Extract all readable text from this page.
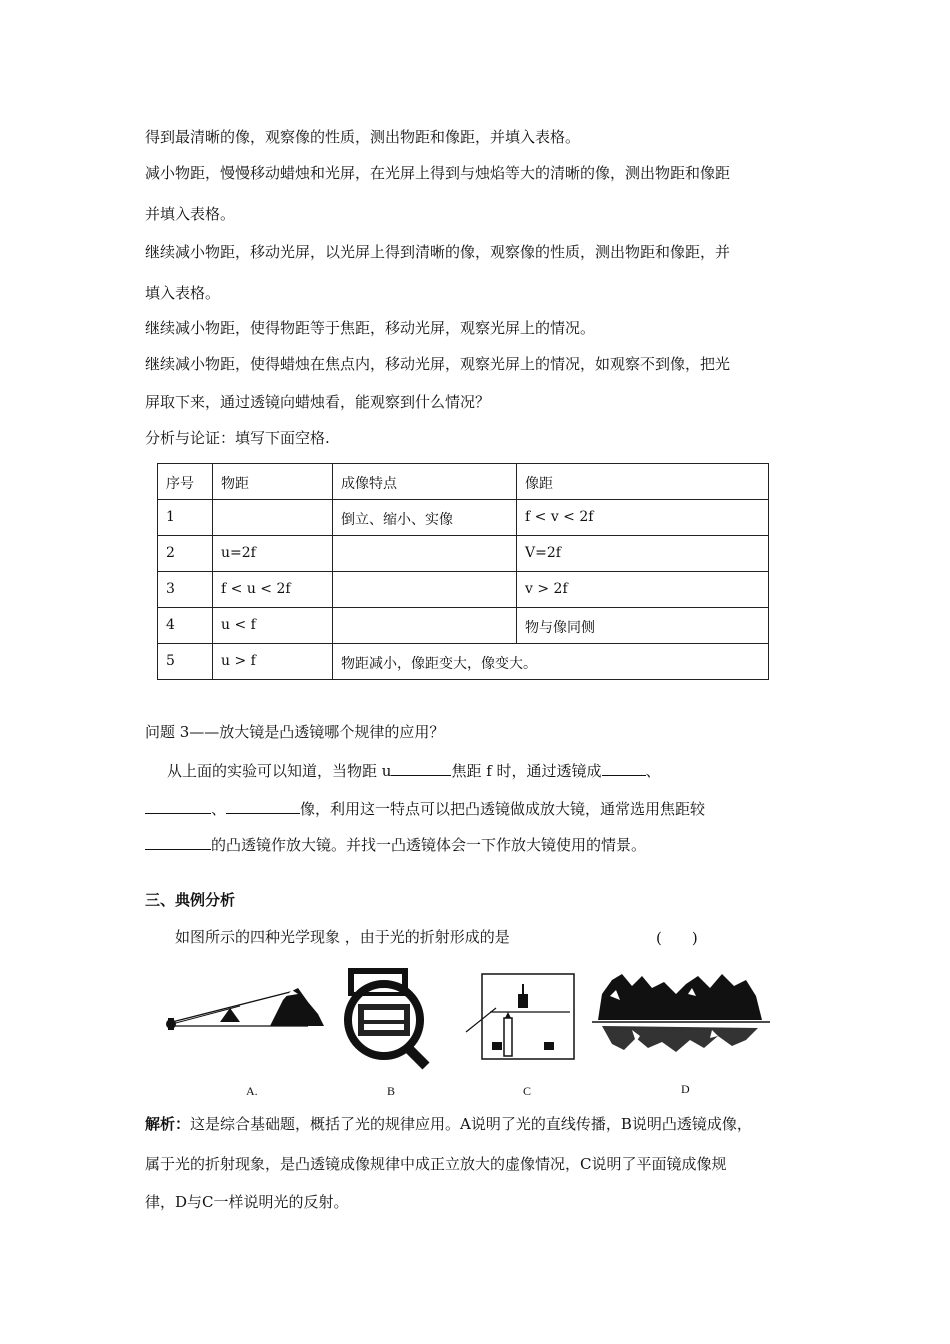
得到最清晰的像，观察像的性质，测出物距和像距，并填入表格。
减小物距，慢慢移动蜡烛和光屏，在光屏上得到与烛焰等大的清晰的像，测出物距和像距
并填入表格。
继续减小物距，移动光屏，以光屏上得到清晰的像，观察像的性质，测出物距和像距，并
填入表格。
继续减小物距，使得物距等于焦距，移动光屏，观察光屏上的情况。
继续减小物距，使得蜡烛在焦点内，移动光屏，观察光屏上的情况，如观察不到像，把光
屏取下来，通过透镜向蜡烛看，能观察到什么情况？
分析与论证：填写下面空格.
序号	物距	成像特点	像距
1		倒立、缩小、实像	f < v < 2f
2	u=2f		V=2f
3	f < u < 2f		v > 2f
4	u < f		物与像同侧
5	u > f	物距减小，像距变大，像变大。	
问题 3——放大镜是凸透镜哪个规律的应用？
从上面的实验可以知道，当物距 u	焦距 f 时，通过透镜成	、
、	像，利用这一特点可以把凸透镜做成放大镜，通常选用焦距较
的凸透镜作放大镜。并找一凸透镜体会一下作放大镜使用的情景。
三、典例分析
如图所示的四种光学现象 ，由于光的折射形成的是	(　　)
A.	B	C	D
解析：这是综合基础题，概括了光的规律应用。A说明了光的直线传播，B说明凸透镜成像，
属于光的折射现象，是凸透镜成像规律中成正立放大的虚像情况，C说明了平面镜成像规
律，D与C一样说明光的反射。
